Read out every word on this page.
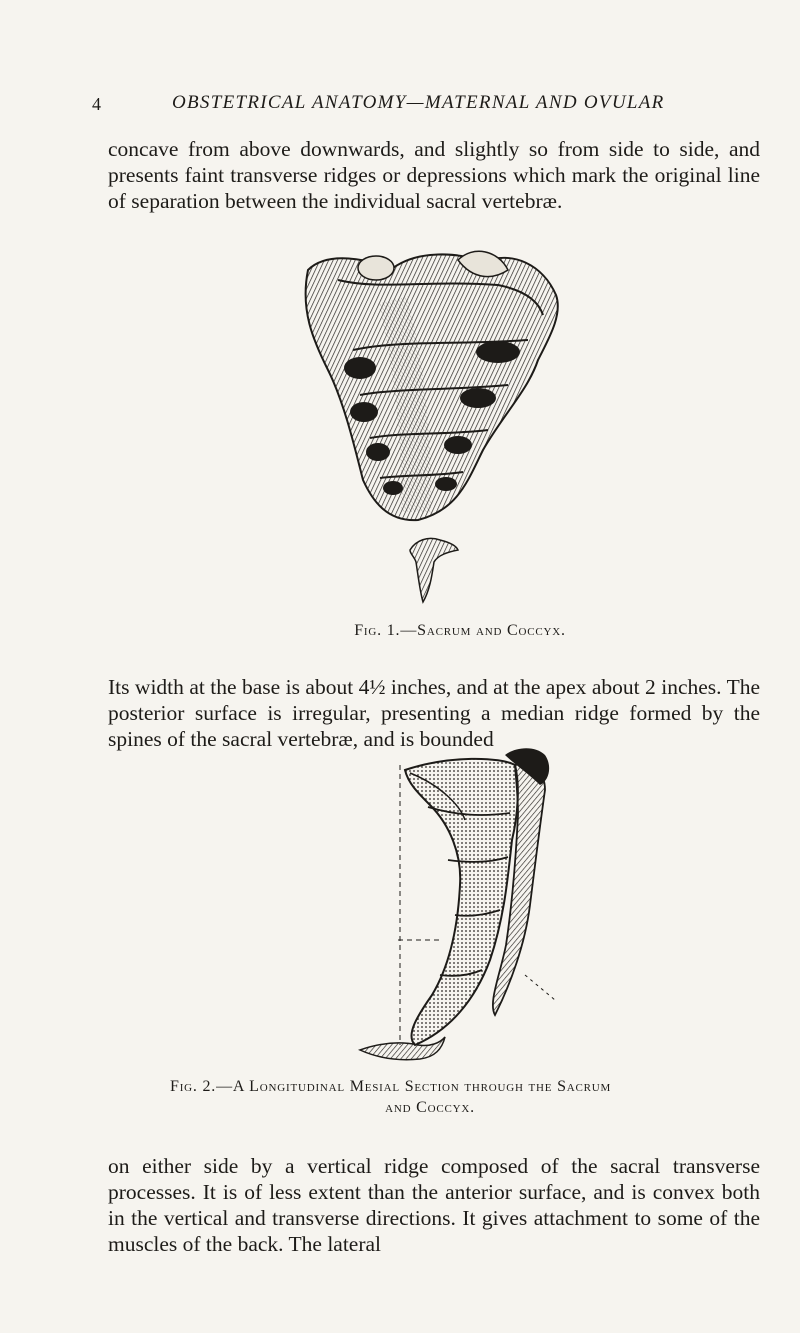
4	OBSTETRICAL ANATOMY—MATERNAL AND OVULAR

concave from above downwards, and slightly so from side to side, and presents faint transverse ridges or depressions which mark the original line of separation between the individual sacral vertebræ.

Fig. 1.—Sacrum and Coccyx.

Its width at the base is about 4½ inches, and at the apex about 2 inches. The posterior surface is irregular, presenting a median ridge formed by the spines of the sacral vertebræ, and is bounded

Fig. 2.—A Longitudinal Mesial Section through the Sacrum
and Coccyx.

on either side by a vertical ridge composed of the sacral transverse processes. It is of less extent than the anterior surface, and is convex both in the vertical and transverse directions. It gives attachment to some of the muscles of the back. The lateral
